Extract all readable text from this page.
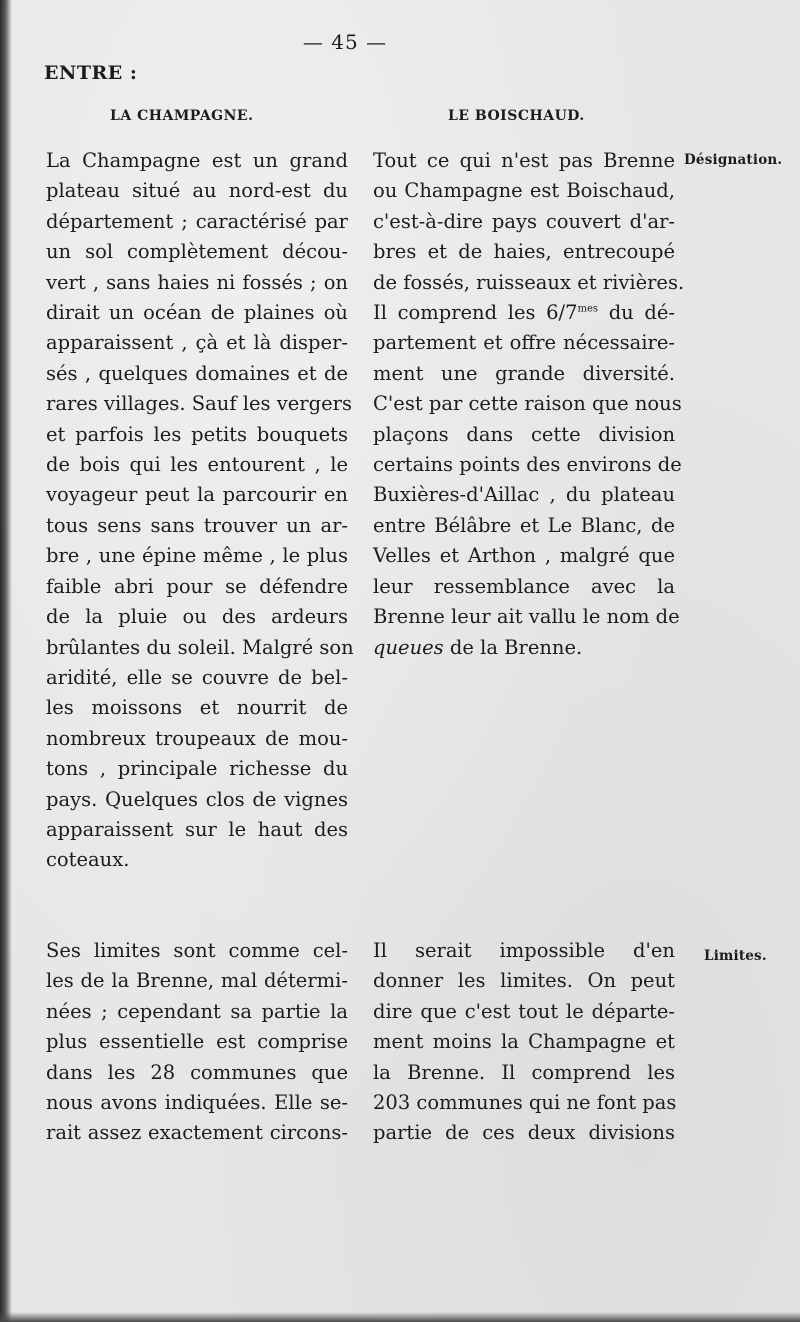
— 45 —
ENTRE :
LA CHAMPAGNE.	LE BOISCHAUD.
Désignation.
Limites.
La Champagne est un grand
plateau situé au nord-est du
département ; caractérisé par
un sol complètement décou-
vert , sans haies ni fossés ; on
dirait un océan de plaines où
apparaissent , çà et là disper-
sés , quelques domaines et de
rares villages. Sauf les vergers
et parfois les petits bouquets
de bois qui les entourent , le
voyageur peut la parcourir en
tous sens sans trouver un ar-
bre , une épine même , le plus
faible abri pour se défendre
de la pluie ou des ardeurs
brûlantes du soleil. Malgré son
aridité, elle se couvre de bel-
les moissons et nourrit de
nombreux troupeaux de mou-
tons , principale richesse du
pays. Quelques clos de vignes
apparaissent sur le haut des
coteaux.
Tout ce qui n'est pas Brenne
ou Champagne est Boischaud,
c'est-à-dire pays couvert d'ar-
bres et de haies, entrecoupé
de fossés, ruisseaux et rivières.
Il comprend les $6/7^{mes}$ du dé-
partement et offre nécessaire-
ment une grande diversité.
C'est par cette raison que nous
plaçons dans cette division
certains points des environs de
Buxières-d'Aillac , du plateau
entre Bélâbre et Le Blanc, de
Velles et Arthon , malgré que
leur ressemblance avec la
Brenne leur ait vallu le nom de
queues de la Brenne.
Ses limites sont comme cel-
les de la Brenne, mal détermi-
nées ; cependant sa partie la
plus essentielle est comprise
dans les 28 communes que
nous avons indiquées. Elle se-
rait assez exactement circons-
Il serait impossible d'en
donner les limites. On peut
dire que c'est tout le départe-
ment moins la Champagne et
la Brenne. Il comprend les
203 communes qui ne font pas
partie de ces deux divisions
